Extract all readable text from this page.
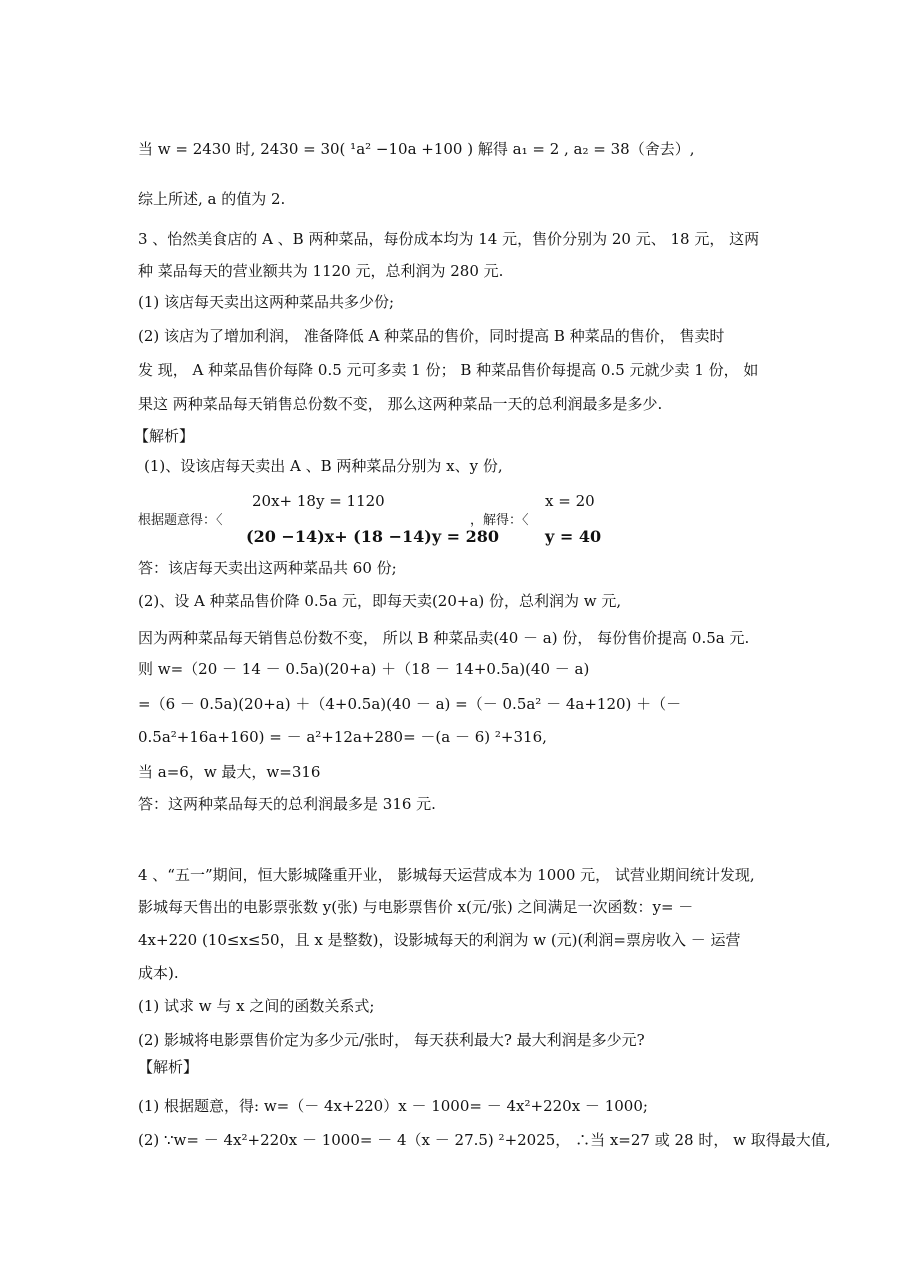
当 w = 2430 时, 2430 = 30( ¹a² −10a +100 ) 解得 a₁ = 2 , a₂ = 38（舍去）,
综上所述, a 的值为 2.
3 、怡然美食店的 A 、B 两种菜品，每份成本均为 14 元，售价分别为 20 元、 18 元， 这两
种 菜品每天的营业额共为 1120 元，总利润为 280 元.
(1) 该店每天卖出这两种菜品共多少份;
(2) 该店为了增加利润， 准备降低 A 种菜品的售价，同时提高 B 种菜品的售价， 售卖时
发 现， A 种菜品售价每降 0.5 元可多卖 1 份； B 种菜品售价每提高 0.5 元就少卖 1 份， 如
果这 两种菜品每天销售总份数不变， 那么这两种菜品一天的总利润最多是多少.
【解析】
(1)、设该店每天卖出 A 、B 两种菜品分别为 x、y 份,
20x+ 18y = 1120
根据题意得：〈
(20 −14)x+ (18 −14)y = 280
，解得：〈
x = 20
y = 40
答：该店每天卖出这两种菜品共 60 份;
(2)、设 A 种菜品售价降 0.5a 元，即每天卖(20+a) 份，总利润为 w 元,
因为两种菜品每天销售总份数不变， 所以 B 种菜品卖(40 － a) 份， 每份售价提高 0.5a 元.
则 w=（20 － 14 － 0.5a)(20+a) ＋（18 － 14+0.5a)(40 － a)
=（6 － 0.5a)(20+a) ＋（4+0.5a)(40 － a) =（－ 0.5a² － 4a+120) ＋（－
0.5a²+16a+160) = － a²+12a+280= －(a － 6) ²+316,
当 a=6，w 最大，w=316
答：这两种菜品每天的总利润最多是 316 元.
4 、“五一”期间，恒大影城隆重开业， 影城每天运营成本为 1000 元， 试营业期间统计发现,
影城每天售出的电影票张数 y(张) 与电影票售价 x(元/张) 之间满足一次函数：y= －
4x+220 (10≤x≤50，且 x 是整数)，设影城每天的利润为 w (元)(利润=票房收入 － 运营
成本).
(1) 试求 w 与 x 之间的函数关系式;
(2) 影城将电影票售价定为多少元/张时， 每天获利最大? 最大利润是多少元?
【解析】
(1) 根据题意，得: w=（－ 4x+220）x － 1000= － 4x²+220x － 1000;
(2) ∵w= － 4x²+220x － 1000= － 4（x － 27.5) ²+2025， ∴当 x=27 或 28 时， w 取得最大值,
